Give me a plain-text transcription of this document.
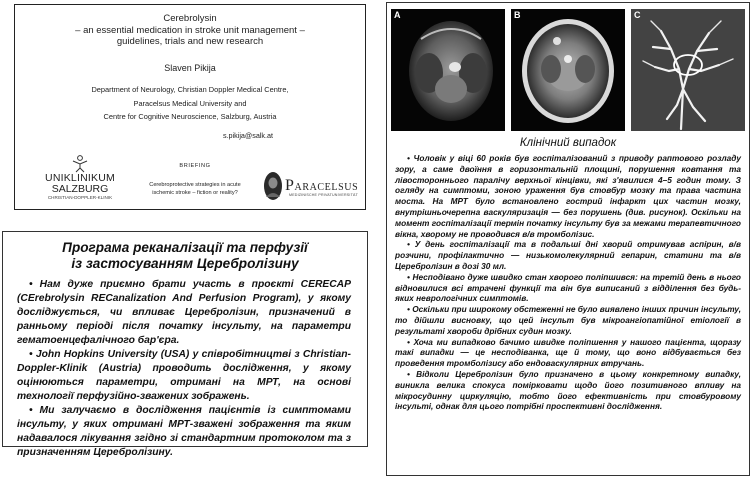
Cerebrolysin
– an essential medication in stroke unit management –
guidelines, trials and new research
Slaven Pikija
Department of Neurology, Christian Doppler Medical Centre,
Paracelsus Medical University and
Centre for Cognitive Neuroscience, Salzburg, Austria
s.pikija@salk.at
UNIKLINIKUM
SALZBURG
CHRISTIAN-DOPPLER-KLINIK
BRIEFING
Cerebroprotective strategies in acute
ischemic stroke – fiction or reality?	PARACELSUS
MEDIZINISCHE PRIVATUNIVERSITÄT
Програма реканалізації та перфузії
із застосуванням Церебролізину

• Нам дуже приємно брати участь в проєкті CERECAP (CErebrolysin RECanalization And Perfusion Program), у якому досліджується, чи впливає Церебролізин, призначений в ранньому періоді після початку інсульту, на параметри гематоенцефалічного бар'єра.

• John Hopkins University (USA) у співробітництві з Christian-Doppler-Klinik (Austria) проводить дослідження, у якому оцінюються параметри, отримані на МРТ, на основі технології перфузійно-зважених зображень.

• Ми залучаємо в дослідження пацієнтів із симптомами інсульту, у яких отримані МРТ-зважені зображення та яким надавалося лікування згідно зі стандартним протоколом та з призначенням Церебролізину.

A	B	C
Клінічний випадок

• Чоловік у віці 60 років був госпіталізований з приводу раптового розладу зору, а саме двоїння в горизонтальній площині, порушення ковтання та лівостороннього паралічу верхньої кінцівки, які з'явилися 4–5 годин тому. З огляду на симптоми, зоною ураження був стовбур мозку та права частина моста. На МРТ було встановлено гострий інфаркт цих частин мозку, внутрішньочерепна васкуляризація — без порушень (див. рисунок). Оскільки на момент госпіталізації термін початку інсульту був за межами терапевтичного вікна, хворому не проводився в/в тромболізис.

• У день госпіталізації та в подальші дні хворий отримував аспірин, в/в розчини, профілактично — низькомолекулярний гепарин, статини та в/в Церебролізин в дозі 30 мл.

• Несподівано дуже швидко стан хворого поліпшився: на третій день в нього відновилися всі втрачені функції та він був виписаний з відділення без будь-яких неврологічних симптомів.

• Оскільки при широкому обстеженні не було виявлено інших причин інсульту, то дійшли висновку, що цей інсульт був мікроангіопатійної етіології в результаті хвороби дрібних судин мозку.

• Хоча ми випадково бачимо швидке поліпшення у нашого пацієнта, щоразу такі випадки — це несподіванка, ще й тому, що воно відбувається без проведення тромболізису або ендоваскулярних втручань.

• Відколи Церебролізин було призначено в цьому конкретному випадку, виникла велика спокуса помірковати щодо його позитивного впливу на мікросудинну циркуляцію, тобто його ефективність при стовбуровому інсульті, однак для цього потрібні проспективні дослідження.
